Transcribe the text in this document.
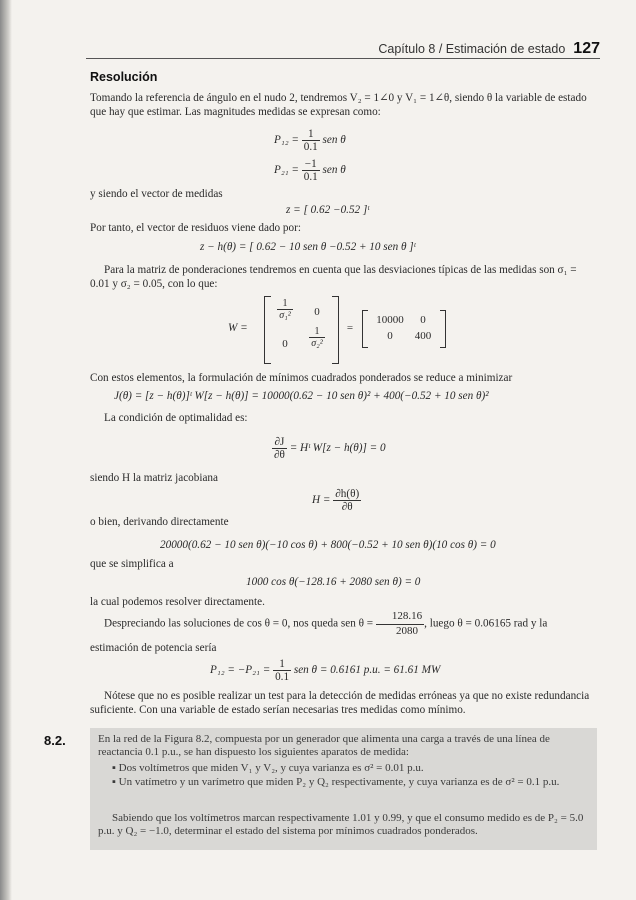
Capítulo 8 / Estimación de estado 127
Resolución

Tomando la referencia de ángulo en el nudo 2, tendremos V₂ = 1∠0 y V₁ = 1∠θ, siendo θ la variable de estado que hay que estimar. Las magnitudes medidas se expresan como:

$P_{12} = \frac{1}{0.1}$ sen θ
$P_{21} = \frac{-1}{0.1}$ sen θ

y siendo el vector de medidas

z = [ 0.62 −0.52 ]ᵗ

Por tanto, el vector de residuos viene dado por:

z − h(θ) = [ 0.62 − 10 sen θ −0.52 + 10 sen θ ]ᵗ

Para la matriz de ponderaciones tendremos en cuenta que las desviaciones típicas de las medidas son σ₁ = 0.01 y σ₂ = 0.05, con lo que:

W =
$\frac{1}{\text{σ₁²}}$	0
0	$\frac{1}{\text{σ₂²}}$ =
10000	0
0	400

Con estos elementos, la formulación de mínimos cuadrados ponderados se reduce a minimizar

J(θ) = [z − h(θ)]ᵗ W[z − h(θ)] = 10000(0.62 − 10 sen θ)² + 400(−0.52 + 10 sen θ)²

La condición de optimalidad es:

$\frac{\partial J}{\partial\theta}$ = Hᵗ W[z − h(θ)] = 0

siendo H la matriz jacobiana

$H = \frac{\partial h(\theta)}{\partial\theta}$

o bien, derivando directamente

20000(0.62 − 10 sen θ)(−10 cos θ) + 800(−0.52 + 10 sen θ)(10 cos θ) = 0

que se simplifica a

1000 cos θ(−128.16 + 2080 sen θ) = 0

la cual podemos resolver directamente.

Despreciando las soluciones de cos θ = 0, nos queda sen $\theta = \frac{128.16}{2080}$ , luego θ = 0.06165 rad y la

estimación de potencia sería

$P_{12} = -P_{21} = \frac{1}{0.1}$ sen θ = 0.6161 p.u. = 61.61 MW

Nótese que no es posible realizar un test para la detección de medidas erróneas ya que no existe redundancia suficiente. Con una variable de estado serían necesarias tres medidas como mínimo.

8.2.	En la red de la Figura 8.2, compuesta por un generador que alimenta una carga a través de una línea de reactancia 0.1 p.u., se han dispuesto los siguientes aparatos de medida:

▪ Dos voltímetros que miden V₁ y V₂, y cuya varianza es σ² = 0.01 p.u.
▪ Un vatímetro y un varímetro que miden P₂ y Q₂ respectivamente, y cuya varianza es de σ² = 0.1 p.u.

Sabiendo que los voltímetros marcan respectivamente 1.01 y 0.99, y que el consumo medido es de P₂ = 5.0 p.u. y Q₂ = −1.0, determinar el estado del sistema por mínimos cuadrados ponderados.
